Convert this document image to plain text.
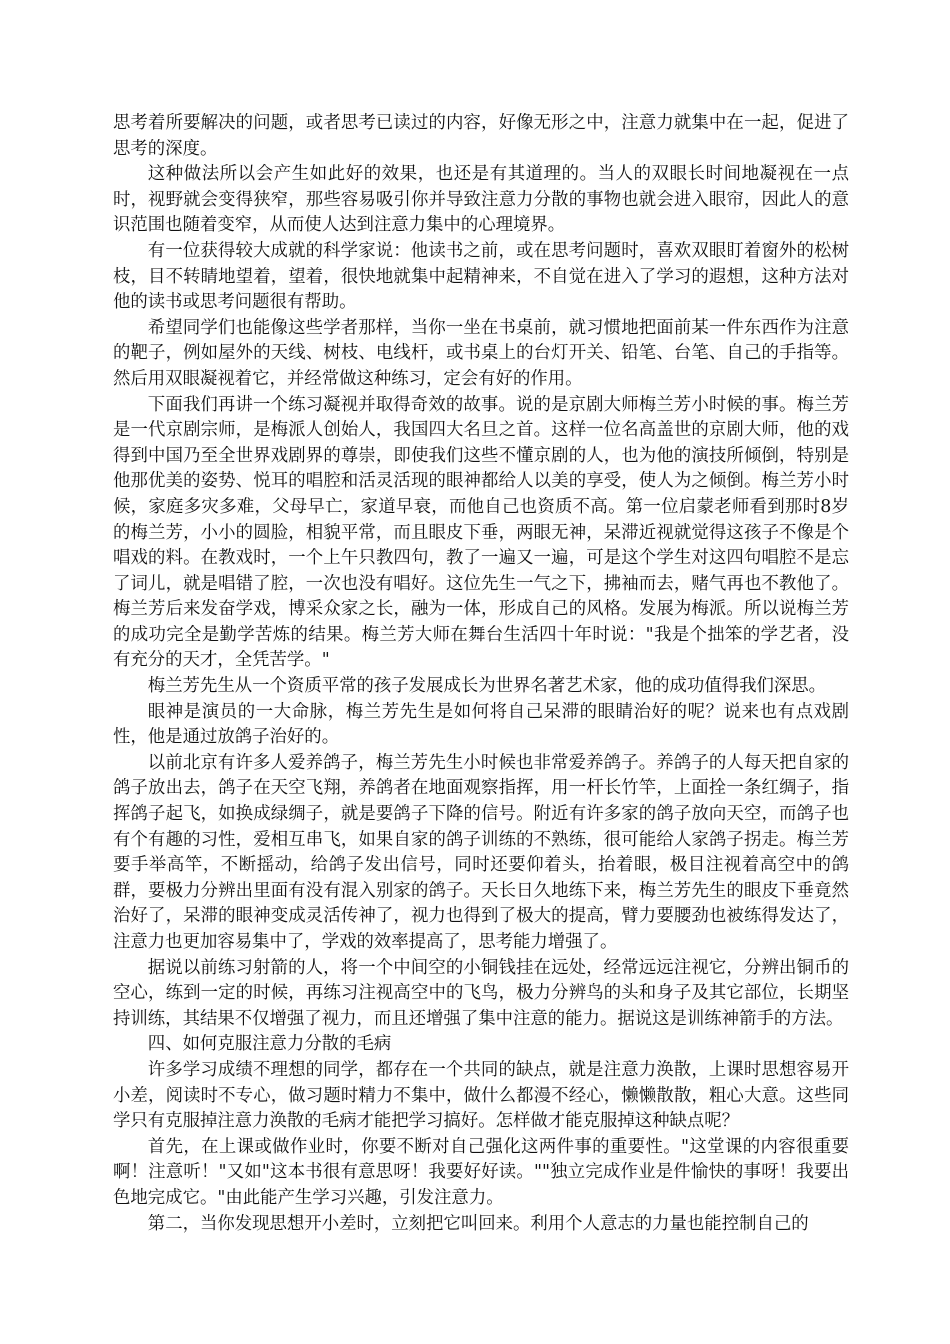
思考着所要解决的问题，或者思考已读过的内容，好像无形之中，注意力就集中在一起，促进了思考的深度。

这种做法所以会产生如此好的效果，也还是有其道理的。当人的双眼长时间地凝视在一点时，视野就会变得狭窄，那些容易吸引你并导致注意力分散的事物也就会进入眼帘，因此人的意识范围也随着变窄，从而使人达到注意力集中的心理境界。

有一位获得较大成就的科学家说：他读书之前，或在思考问题时，喜欢双眼盯着窗外的松树枝，目不转睛地望着，望着，很快地就集中起精神来，不自觉在进入了学习的遐想，这种方法对他的读书或思考问题很有帮助。

希望同学们也能像这些学者那样，当你一坐在书桌前，就习惯地把面前某一件东西作为注意的靶子，例如屋外的天线、树枝、电线杆，或书桌上的台灯开关、铅笔、台笔、自己的手指等。然后用双眼凝视着它，并经常做这种练习，定会有好的作用。

下面我们再讲一个练习凝视并取得奇效的故事。说的是京剧大师梅兰芳小时候的事。梅兰芳是一代京剧宗师，是梅派人创始人，我国四大名旦之首。这样一位名高盖世的京剧大师，他的戏得到中国乃至全世界戏剧界的尊崇，即使我们这些不懂京剧的人，也为他的演技所倾倒，特别是他那优美的姿势、悦耳的唱腔和活灵活现的眼神都给人以美的享受，使人为之倾倒。梅兰芳小时候，家庭多灾多难，父母早亡，家道早衰，而他自己也资质不高。第一位启蒙老师看到那时8岁的梅兰芳，小小的圆脸，相貌平常，而且眼皮下垂，两眼无神，呆滞近视就觉得这孩子不像是个唱戏的料。在教戏时，一个上午只教四句，教了一遍又一遍，可是这个学生对这四句唱腔不是忘了词儿，就是唱错了腔，一次也没有唱好。这位先生一气之下，拂袖而去，赌气再也不教他了。梅兰芳后来发奋学戏，博采众家之长，融为一体，形成自己的风格。发展为梅派。所以说梅兰芳的成功完全是勤学苦炼的结果。梅兰芳大师在舞台生活四十年时说："我是个拙笨的学艺者，没有充分的天才，全凭苦学。"

梅兰芳先生从一个资质平常的孩子发展成长为世界名著艺术家，他的成功值得我们深思。

眼神是演员的一大命脉，梅兰芳先生是如何将自己呆滞的眼睛治好的呢？说来也有点戏剧性，他是通过放鸽子治好的。

以前北京有许多人爱养鸽子，梅兰芳先生小时候也非常爱养鸽子。养鸽子的人每天把自家的鸽子放出去，鸽子在天空飞翔，养鸽者在地面观察指挥，用一杆长竹竿，上面拴一条红绸子，指挥鸽子起飞，如换成绿绸子，就是要鸽子下降的信号。附近有许多家的鸽子放向天空，而鸽子也有个有趣的习性，爱相互串飞，如果自家的鸽子训练的不熟练，很可能给人家鸽子拐走。梅兰芳要手举高竿，不断摇动，给鸽子发出信号，同时还要仰着头，抬着眼，极目注视着高空中的鸽群，要极力分辨出里面有没有混入别家的鸽子。天长日久地练下来，梅兰芳先生的眼皮下垂竟然治好了，呆滞的眼神变成灵活传神了，视力也得到了极大的提高，臂力要腰劲也被练得发达了，注意力也更加容易集中了，学戏的效率提高了，思考能力增强了。

据说以前练习射箭的人，将一个中间空的小铜钱挂在远处，经常远远注视它，分辨出铜币的空心，练到一定的时候，再练习注视高空中的飞鸟，极力分辨鸟的头和身子及其它部位，长期坚持训练，其结果不仅增强了视力，而且还增强了集中注意的能力。据说这是训练神箭手的方法。

四、如何克服注意力分散的毛病

许多学习成绩不理想的同学，都存在一个共同的缺点，就是注意力涣散，上课时思想容易开小差，阅读时不专心，做习题时精力不集中，做什么都漫不经心，懒懒散散，粗心大意。这些同学只有克服掉注意力涣散的毛病才能把学习搞好。怎样做才能克服掉这种缺点呢？

首先，在上课或做作业时，你要不断对自己强化这两件事的重要性。"这堂课的内容很重要啊！注意听！"又如"这本书很有意思呀！我要好好读。""独立完成作业是件愉快的事呀！我要出色地完成它。"由此能产生学习兴趣，引发注意力。

第二，当你发现思想开小差时，立刻把它叫回来。利用个人意志的力量也能控制自己的
